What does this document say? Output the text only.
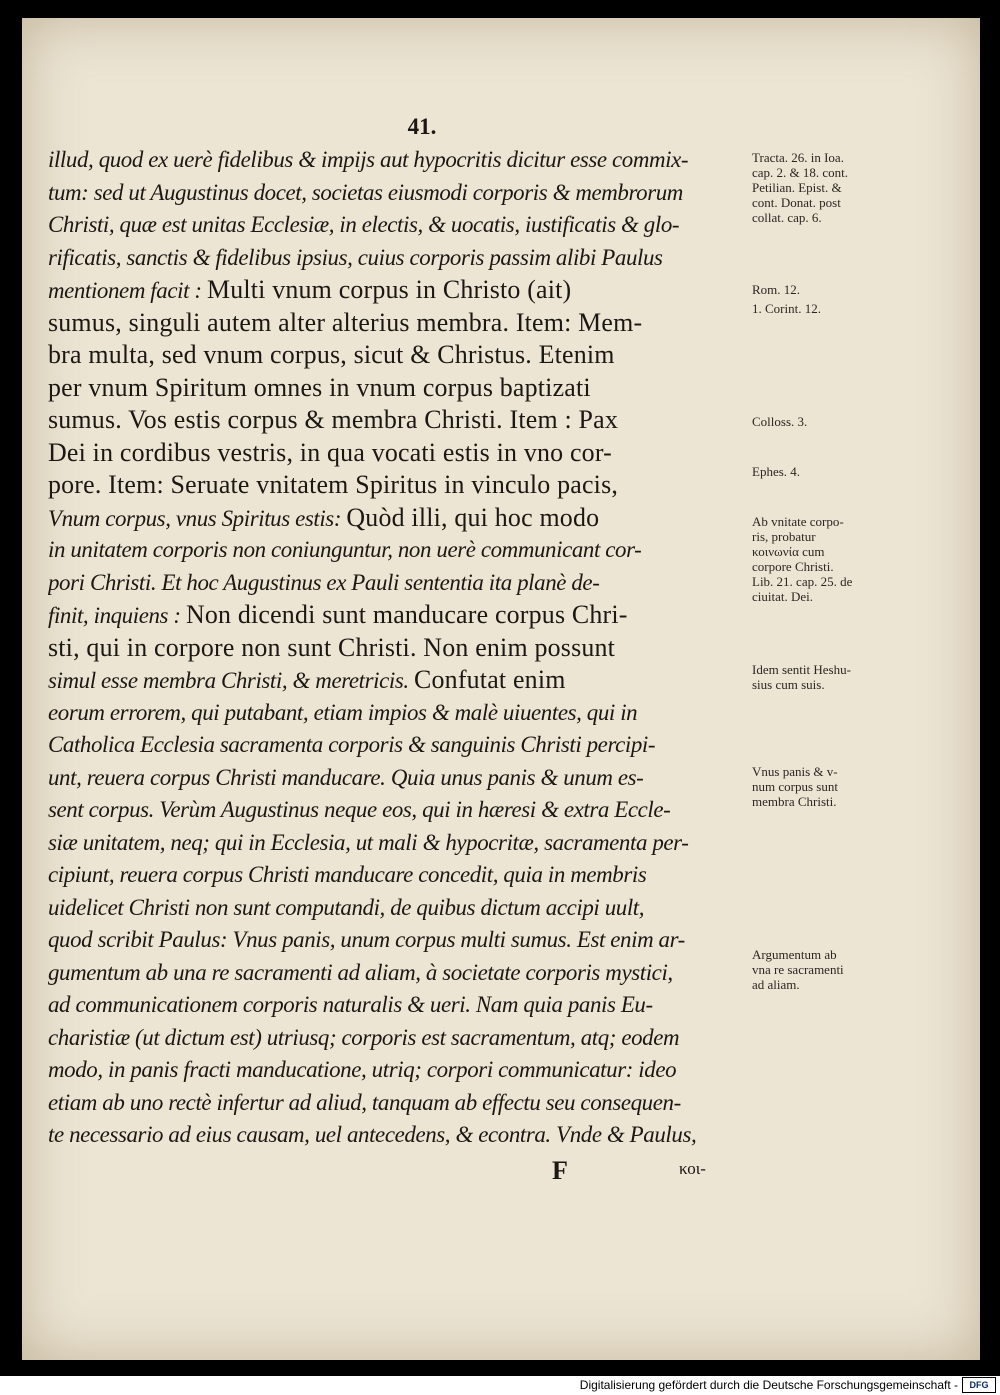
41.
illud, quod ex uerè fidelibus & impijs aut hypocritis dicitur esse commix-
tum: sed ut Augustinus docet, societas eiusmodi corporis & membrorum
Christi, quæ est unitas Ecclesiæ, in electis, & uocatis, iustificatis & glo-
rificatis, sanctis & fidelibus ipsius, cuius corporis passim alibi Paulus
mentionem facit : Multi vnum corpus in Christo (ait)
sumus, singuli autem alter alterius membra. Item: Mem-
bra multa, sed vnum corpus, sicut & Christus. Etenim
per vnum Spiritum omnes in vnum corpus baptizati
sumus. Vos estis corpus & membra Christi. Item : Pax
Dei in cordibus vestris, in qua vocati estis in vno cor-
pore. Item: Seruate vnitatem Spiritus in vinculo pacis,
Vnum corpus, vnus Spiritus estis: Quòd illi, qui hoc modo
in unitatem corporis non coniunguntur, non uerè communicant cor-
pori Christi. Et hoc Augustinus ex Pauli sententia ita planè de-
finit, inquiens : Non dicendi sunt manducare corpus Chri-
sti, qui in corpore non sunt Christi. Non enim possunt
simul esse membra Christi, & meretricis. Confutat enim
eorum errorem, qui putabant, etiam impios & malè uiuentes, qui in
Catholica Ecclesia sacramenta corporis & sanguinis Christi percipi-
unt, reuera corpus Christi manducare. Quia unus panis & unum es-
sent corpus. Verùm Augustinus neque eos, qui in hæresi & extra Eccle-
siæ unitatem, neq; qui in Ecclesia, ut mali & hypocritæ, sacramenta per-
cipiunt, reuera corpus Christi manducare concedit, quia in membris
uidelicet Christi non sunt computandi, de quibus dictum accipi uult,
quod scribit Paulus: Vnus panis, unum corpus multi sumus. Est enim ar-
gumentum ab una re sacramenti ad aliam, à societate corporis mystici,
ad communicationem corporis naturalis & ueri. Nam quia panis Eu-
charistiæ (ut dictum est) utriusq; corporis est sacramentum, atq; eodem
modo, in panis fracti manducatione, utriq; corpori communicatur: ideo
etiam ab uno rectè infertur ad aliud, tanquam ab effectu seu consequen-
te necessario ad eius causam, uel antecedens, & econtra. Vnde & Paulus,
Tracta. 26. in Ioa.
cap. 2. & 18. cont.
Petilian. Epist. &
cont. Donat. post
collat. cap. 6.
Rom. 12.
1. Corint. 12.
Colloss. 3.
Ephes. 4.
Ab vnitate corpo-
ris, probatur
κοινωνία cum
corpore Christi.
Lib. 21. cap. 25. de
ciuitat. Dei.
Idem sentit Heshu-
sius cum suis.
Vnus panis & v-
num corpus sunt
membra Christi.
Argumentum ab
vna re sacramenti
ad aliam.
F	κοι-
Digitalisierung gefördert durch die Deutsche Forschungsgemeinschaft -	DFG
